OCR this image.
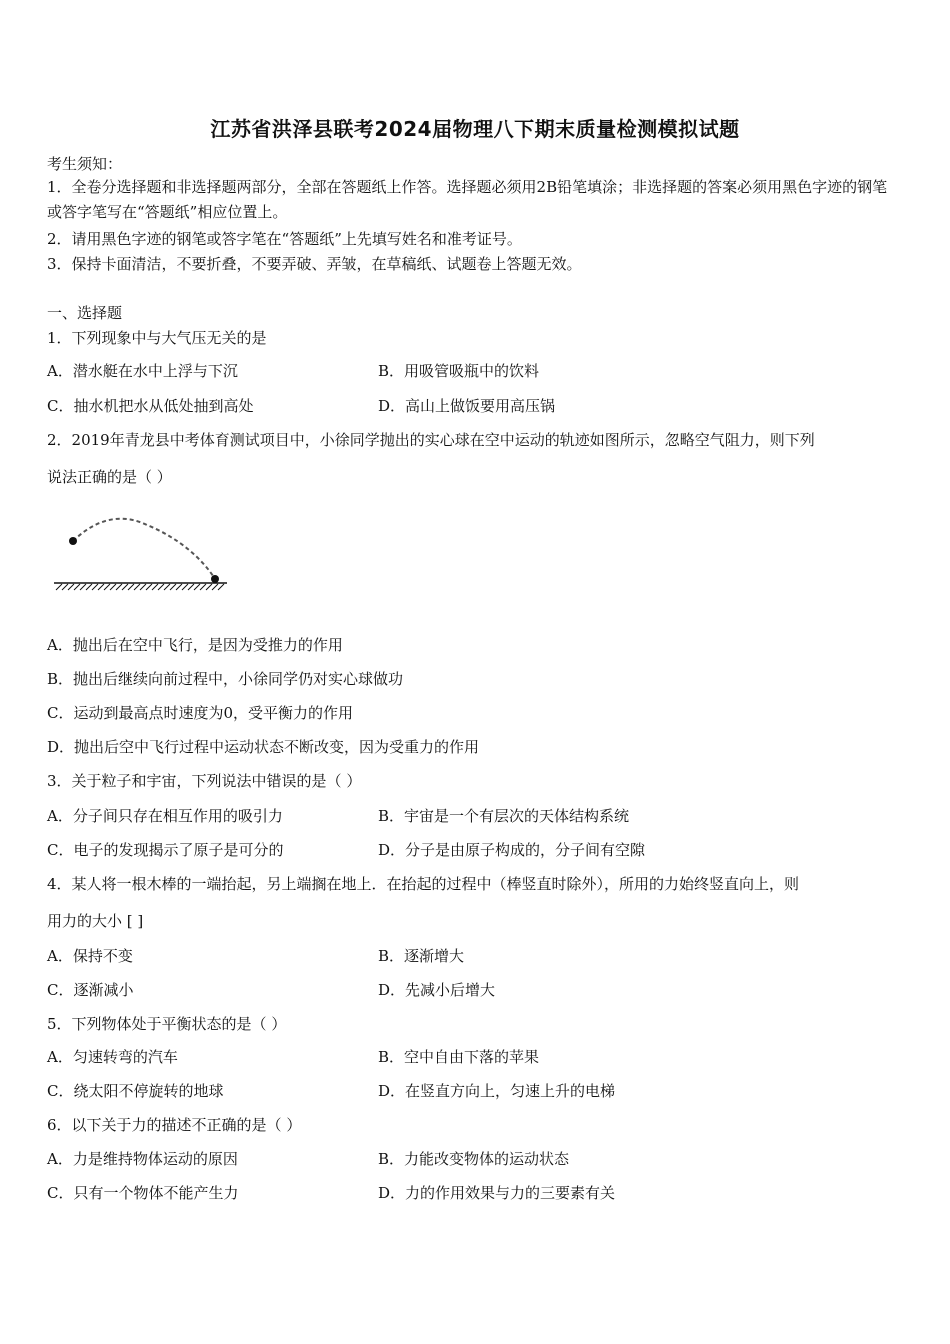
江苏省洪泽县联考2024届物理八下期末质量检测模拟试题
考生须知：
1．全卷分选择题和非选择题两部分，全部在答题纸上作答。选择题必须用2B铅笔填涂；非选择题的答案必须用黑色字迹的钢笔或答字笔写在“答题纸”相应位置上。
2．请用黑色字迹的钢笔或答字笔在“答题纸”上先填写姓名和准考证号。
3．保持卡面清洁，不要折叠，不要弄破、弄皱，在草稿纸、试题卷上答题无效。
一、选择题
1．下列现象中与大气压无关的是
A．潜水艇在水中上浮与下沉	B．用吸管吸瓶中的饮料
C．抽水机把水从低处抽到高处	D．高山上做饭要用高压锅
2．2019年青龙县中考体育测试项目中，小徐同学抛出的实心球在空中运动的轨迹如图所示，忽略空气阻力，则下列
说法正确的是（ ）
A．抛出后在空中飞行，是因为受推力的作用
B．抛出后继续向前过程中，小徐同学仍对实心球做功
C．运动到最高点时速度为0，受平衡力的作用
D．抛出后空中飞行过程中运动状态不断改变，因为受重力的作用
3．关于粒子和宇宙，下列说法中错误的是（ ）
A．分子间只存在相互作用的吸引力	B．宇宙是一个有层次的天体结构系统
C．电子的发现揭示了原子是可分的	D．分子是由原子构成的，分子间有空隙
4．某人将一根木棒的一端抬起，另上端搁在地上．在抬起的过程中（棒竖直时除外），所用的力始终竖直向上，则
用力的大小 [ ]
A．保持不变	B．逐渐增大
C．逐渐减小	D．先减小后增大
5．下列物体处于平衡状态的是（ ）
A．匀速转弯的汽车	B．空中自由下落的苹果
C．绕太阳不停旋转的地球	D．在竖直方向上，匀速上升的电梯
6．以下关于力的描述不正确的是（ ）
A．力是维持物体运动的原因	B．力能改变物体的运动状态
C．只有一个物体不能产生力	D．力的作用效果与力的三要素有关
